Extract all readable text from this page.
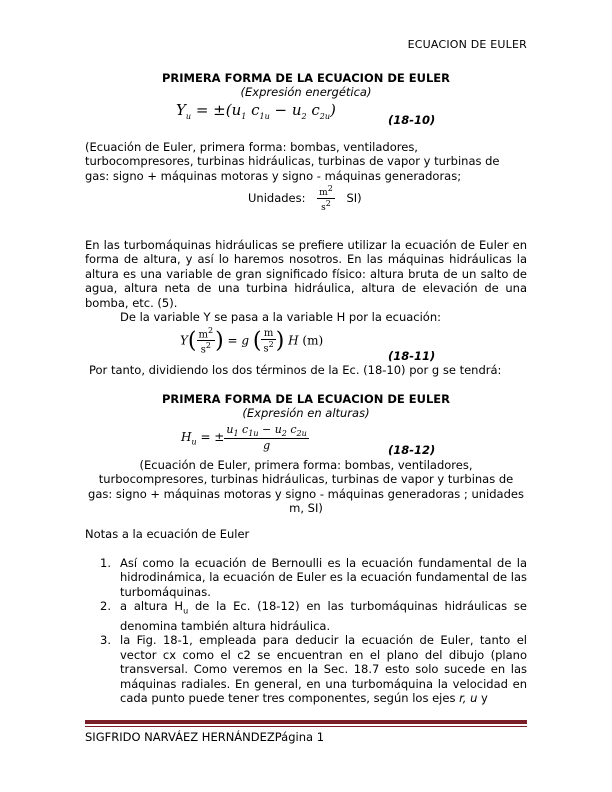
ECUACION DE EULER
PRIMERA FORMA DE LA ECUACION DE EULER
(Expresión energética)
$Y_u = \pm(u_1$ $c_{1u} - u_2$ $c_{2u}$)
(18-10)
(Ecuación de Euler, primera forma: bombas, ventiladores, turbocompresores, turbinas hidráulicas, turbinas de vapor y turbinas de gas: signo + máquinas motoras y signo - máquinas generadoras;
Unidades: $\frac{m^2}{s^2} SI$)
En las turbomáquinas hidráulicas se prefiere utilizar la ecuación de Euler en forma de altura, y así lo haremos nosotros. En las máquinas hidráulicas la altura es una variable de gran significado físico: altura bruta de un salto de agua, altura neta de una turbina hidráulica, altura de elevación de una bomba, etc. (5).
De la variable Y se pasa a la variable H por la ecuación:
$Y( \frac{m^2}{s^2}$ ) = g ( $\frac{m}{s^2}$ ) H (m)
(18-11)
Por tanto, dividiendo los dos términos de la Ec. (18-10) por g se tendrá:
PRIMERA FORMA DE LA ECUACION DE EULER
(Expresión en alturas)
$H_u$ = ± $\frac{u_1 c_{1u} - u_2 c_{2u}}{g}$	(18-12)
(Ecuación de Euler, primera forma: bombas, ventiladores, turbocompresores, turbinas hidráulicas, turbinas de vapor y turbinas de gas: signo + máquinas motoras y signo - máquinas generadoras ; unidades m, SI)
Notas a la ecuación de Euler
1. Así como la ecuación de Bernoulli es la ecuación fundamental de la hidrodinámica, la ecuación de Euler es la ecuación fundamental de las turbomáquinas.
2. a altura $H_u$ de la Ec. (18-12) en las turbomáquinas hidráulicas se denomina también altura hidráulica.
3. la Fig. 18-1, empleada para deducir la ecuación de Euler, tanto el vector cx como el c2 se encuentran en el plano del dibujo (plano transversal. Como veremos en la Sec. 18.7 esto solo sucede en las máquinas radiales. En general, en una turbomáquina la velocidad en cada punto puede tener tres componentes, según los ejes r, u y
SIGFRIDO NARVÁEZ HERNÁNDEZPágina 1
